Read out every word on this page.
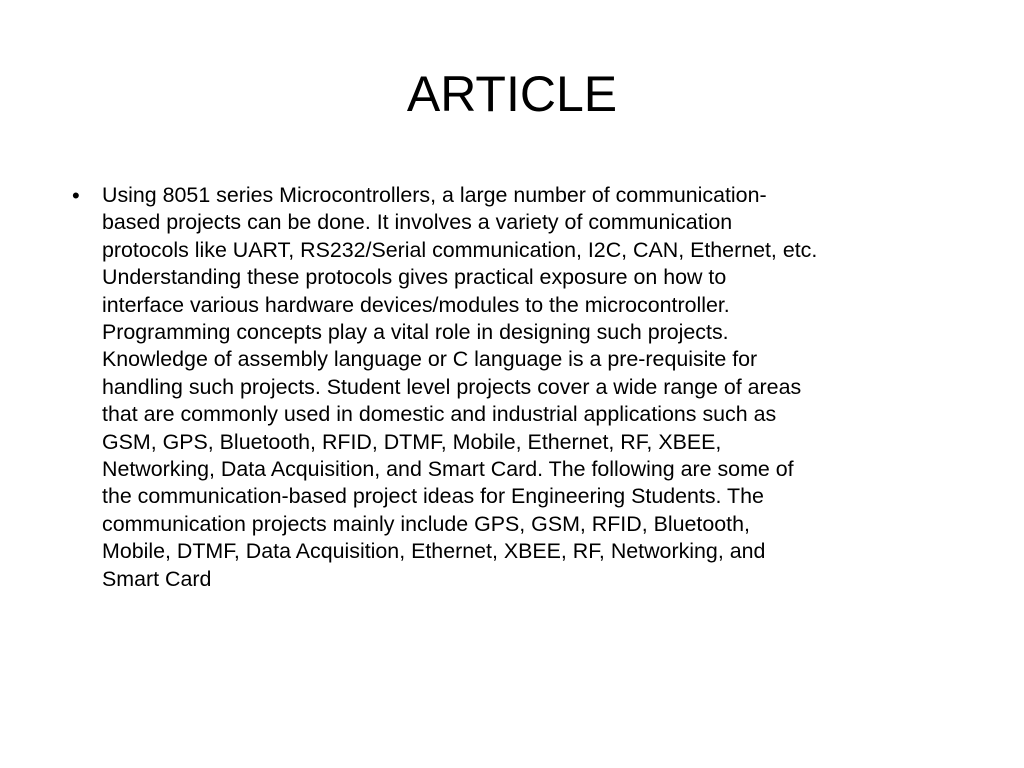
ARTICLE
•	Using 8051 series Microcontrollers, a large number of communication-
based projects can be done. It involves a variety of communication
protocols like UART, RS232/Serial communication, I2C, CAN, Ethernet, etc.
Understanding these protocols gives practical exposure on how to
interface various hardware devices/modules to the microcontroller.
Programming concepts play a vital role in designing such projects.
Knowledge of assembly language or C language is a pre-requisite for
handling such projects. Student level projects cover a wide range of areas
that are commonly used in domestic and industrial applications such as
GSM, GPS, Bluetooth, RFID, DTMF, Mobile, Ethernet, RF, XBEE,
Networking, Data Acquisition, and Smart Card. The following are some of
the communication-based project ideas for Engineering Students. The
communication projects mainly include GPS, GSM, RFID, Bluetooth,
Mobile, DTMF, Data Acquisition, Ethernet, XBEE, RF, Networking, and
Smart Card
